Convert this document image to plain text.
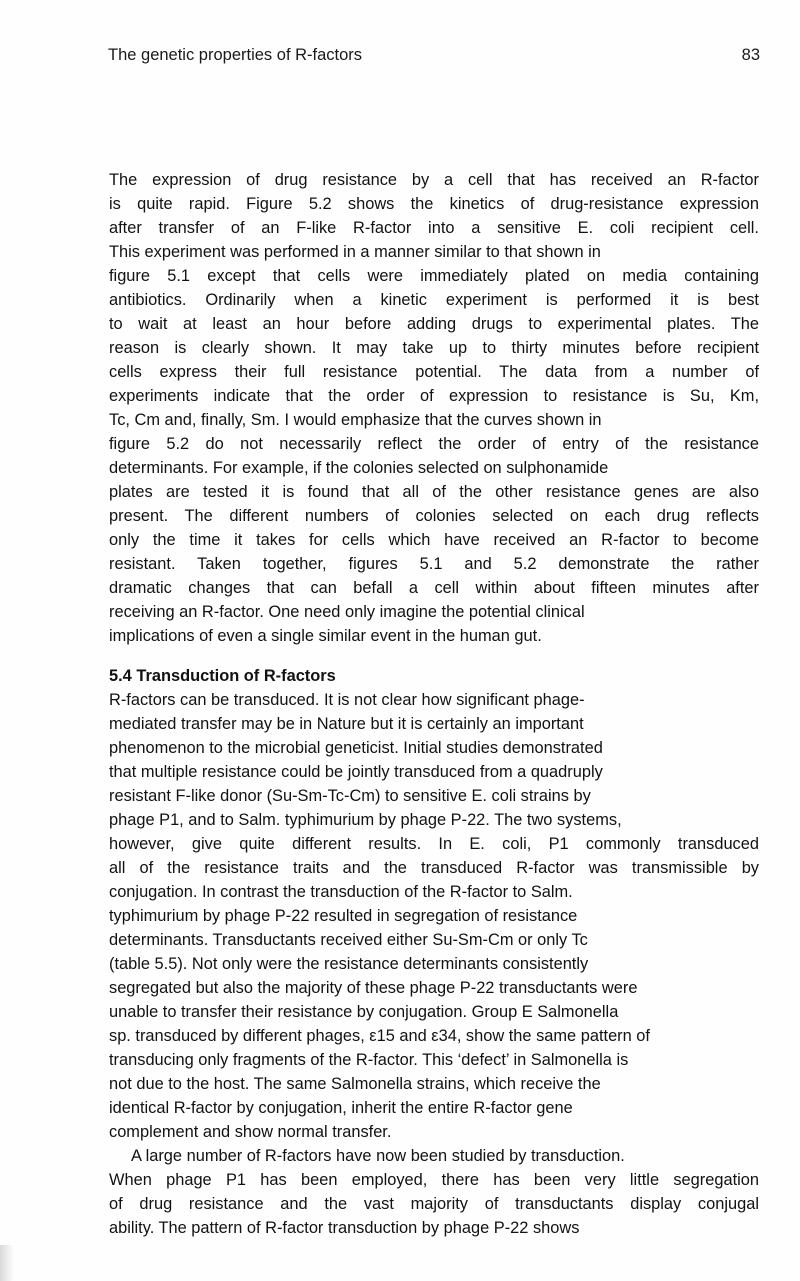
The genetic properties of R-factors	83
The expression of drug resistance by a cell that has received an R-factor
is quite rapid. Figure 5.2 shows the kinetics of drug-resistance expression
after transfer of an F-like R-factor into a sensitive E. coli recipient cell.
This experiment was performed in a manner similar to that shown in
figure 5.1 except that cells were immediately plated on media containing
antibiotics. Ordinarily when a kinetic experiment is performed it is best
to wait at least an hour before adding drugs to experimental plates. The
reason is clearly shown. It may take up to thirty minutes before recipient
cells express their full resistance potential. The data from a number of
experiments indicate that the order of expression to resistance is Su, Km,
Tc, Cm and, finally, Sm. I would emphasize that the curves shown in
figure 5.2 do not necessarily reflect the order of entry of the resistance
determinants. For example, if the colonies selected on sulphonamide
plates are tested it is found that all of the other resistance genes are also
present. The different numbers of colonies selected on each drug reflects
only the time it takes for cells which have received an R-factor to become
resistant. Taken together, figures 5.1 and 5.2 demonstrate the rather
dramatic changes that can befall a cell within about fifteen minutes after
receiving an R-factor. One need only imagine the potential clinical
implications of even a single similar event in the human gut.
5.4 Transduction of R-factors
R-factors can be transduced. It is not clear how significant phage-
mediated transfer may be in Nature but it is certainly an important
phenomenon to the microbial geneticist. Initial studies demonstrated
that multiple resistance could be jointly transduced from a quadruply
resistant F-like donor (Su-Sm-Tc-Cm) to sensitive E. coli strains by
phage P1, and to Salm. typhimurium by phage P-22. The two systems,
however, give quite different results. In E. coli, P1 commonly transduced
all of the resistance traits and the transduced R-factor was transmissible by
conjugation. In contrast the transduction of the R-factor to Salm.
typhimurium by phage P-22 resulted in segregation of resistance
determinants. Transductants received either Su-Sm-Cm or only Tc
(table 5.5). Not only were the resistance determinants consistently
segregated but also the majority of these phage P-22 transductants were
unable to transfer their resistance by conjugation. Group E Salmonella
sp. transduced by different phages, ε15 and ε34, show the same pattern of
transducing only fragments of the R-factor. This ‘defect’ in Salmonella is
not due to the host. The same Salmonella strains, which receive the
identical R-factor by conjugation, inherit the entire R-factor gene
complement and show normal transfer.
A large number of R-factors have now been studied by transduction.
When phage P1 has been employed, there has been very little segregation
of drug resistance and the vast majority of transductants display conjugal
ability. The pattern of R-factor transduction by phage P-22 shows
